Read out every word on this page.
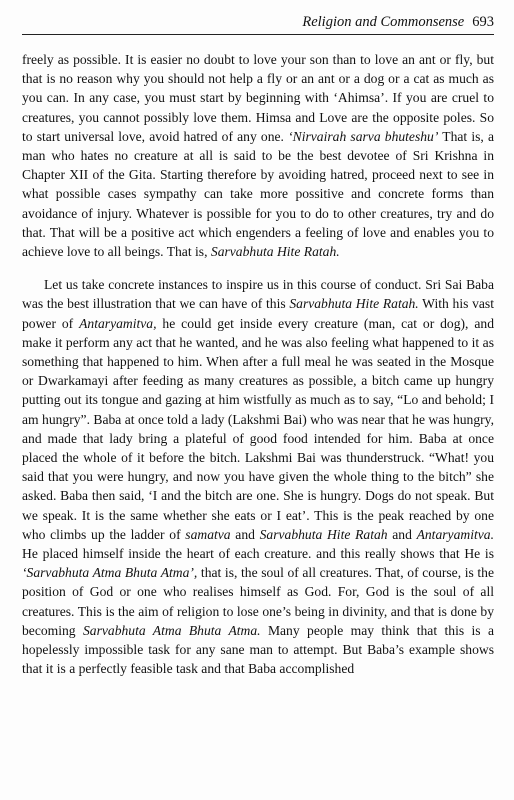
Religion and Commonsense 693

freely as possible. It is easier no doubt to love your son than to love an ant or fly, but that is no reason why you should not help a fly or an ant or a dog or a cat as much as you can. In any case, you must start by beginning with ‘Ahimsa’. If you are cruel to creatures, you cannot possibly love them. Himsa and Love are the opposite poles. So to start universal love, avoid hatred of any one. ‘Nirvairah sarva bhuteshu’ That is, a man who hates no creature at all is said to be the best devotee of Sri Krishna in Chapter XII of the Gita. Starting therefore by avoiding hatred, proceed next to see in what possible cases sympathy can take more possitive and concrete forms than avoidance of injury. Whatever is possible for you to do to other creatures, try and do that. That will be a positive act which engenders a feeling of love and enables you to achieve love to all beings. That is, Sarvabhuta Hite Ratah.

Let us take concrete instances to inspire us in this course of conduct. Sri Sai Baba was the best illustration that we can have of this Sarvabhuta Hite Ratah. With his vast power of Antaryamitva, he could get inside every creature (man, cat or dog), and make it perform any act that he wanted, and he was also feeling what happened to it as something that happened to him. When after a full meal he was seated in the Mosque or Dwarkamayi after feeding as many creatures as possible, a bitch came up hungry putting out its tongue and gazing at him wistfully as much as to say, “Lo and behold; I am hungry”. Baba at once told a lady (Lakshmi Bai) who was near that he was hungry, and made that lady bring a plateful of good food intended for him. Baba at once placed the whole of it before the bitch. Lakshmi Bai was thunderstruck. “What! you said that you were hungry, and now you have given the whole thing to the bitch” she asked. Baba then said, ‘I and the bitch are one. She is hungry. Dogs do not speak. But we speak. It is the same whether she eats or I eat’. This is the peak reached by one who climbs up the ladder of samatva and Sarvabhuta Hite Ratah and Antaryamitva. He placed himself inside the heart of each creature. and this really shows that He is ‘Sarvabhuta Atma Bhuta Atma’, that is, the soul of all creatures. That, of course, is the position of God or one who realises himself as God. For, God is the soul of all creatures. This is the aim of religion to lose one’s being in divinity, and that is done by becoming Sarvabhuta Atma Bhuta Atma. Many people may think that this is a hopelessly impossible task for any sane man to attempt. But Baba’s example shows that it is a perfectly feasible task and that Baba accomplished
